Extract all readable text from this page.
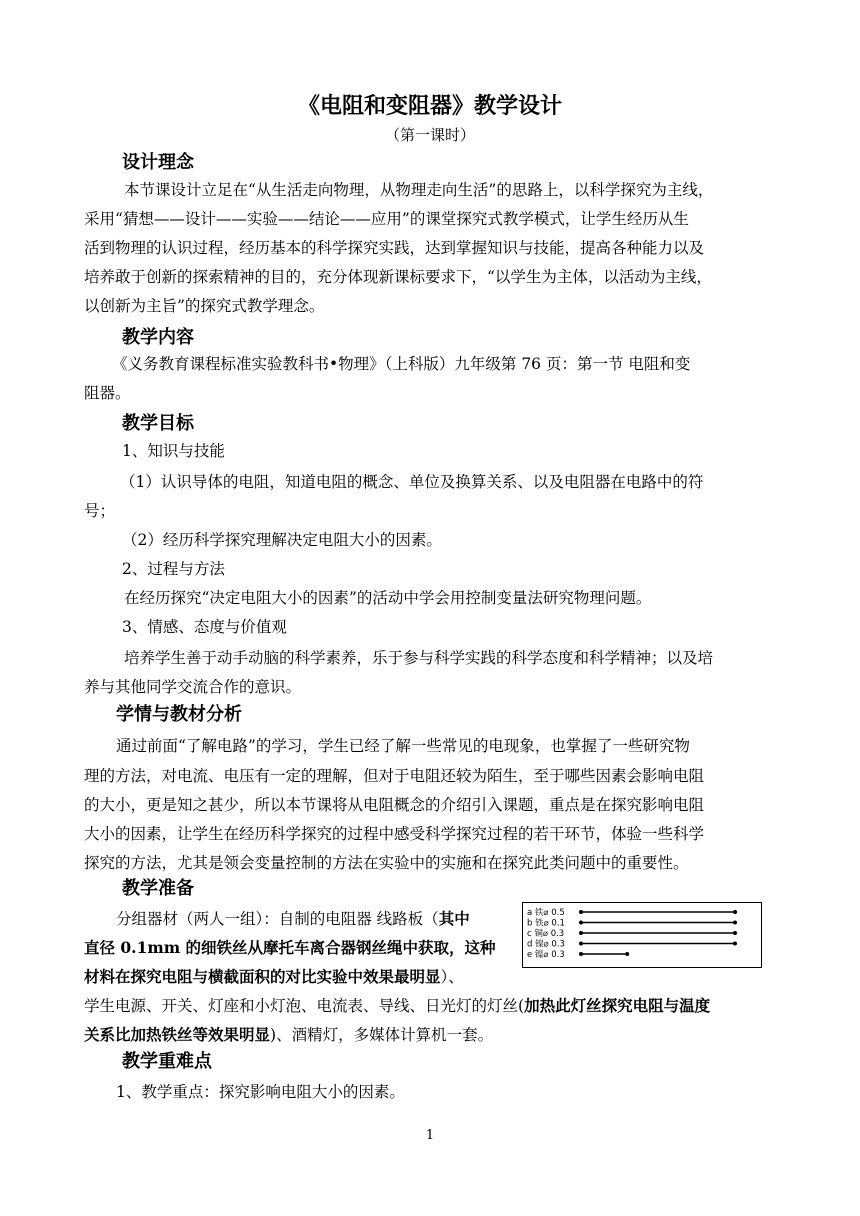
《电阻和变阻器》教学设计
（第一课时）
设计理念
本节课设计立足在“从生活走向物理，从物理走向生活”的思路上，以科学探究为主线，
采用“猜想——设计——实验——结论——应用”的课堂探究式教学模式，让学生经历从生
活到物理的认识过程，经历基本的科学探究实践，达到掌握知识与技能，提高各种能力以及
培养敢于创新的探索精神的目的，充分体现新课标要求下，“以学生为主体，以活动为主线，
以创新为主旨”的探究式教学理念。
教学内容
《义务教育课程标准实验教科书•物理》（上科版）九年级第 76 页：第一节 电阻和变
阻器。
教学目标
1、知识与技能
（1）认识导体的电阻，知道电阻的概念、单位及换算关系、以及电阻器在电路中的符
号；
（2）经历科学探究理解决定电阻大小的因素。
2、过程与方法
在经历探究“决定电阻大小的因素”的活动中学会用控制变量法研究物理问题。
3、情感、态度与价值观
培养学生善于动手动脑的科学素养，乐于参与科学实践的科学态度和科学精神；以及培
养与其他同学交流合作的意识。
学情与教材分析
通过前面“了解电路”的学习，学生已经了解一些常见的电现象，也掌握了一些研究物
理的方法，对电流、电压有一定的理解，但对于电阻还较为陌生，至于哪些因素会影响电阻
的大小，更是知之甚少，所以本节课将从电阻概念的介绍引入课题，重点是在探究影响电阻
大小的因素，让学生在经历科学探究的过程中感受科学探究过程的若干环节，体验一些科学
探究的方法，尤其是领会变量控制的方法在实验中的实施和在探究此类问题中的重要性。
教学准备
分组器材（两人一组）：自制的电阻器 线路板（其中
直径 0.1mm 的细铁丝从摩托车离合器钢丝绳中获取，这种
材料在探究电阻与横截面积的对比实验中效果最明显）、
学生电源、开关、灯座和小灯泡、电流表、导线、日光灯的灯丝(加热此灯丝探究电阻与温度
关系比加热铁丝等效果明显)、酒精灯，多媒体计算机一套。
a 铁⌀ 0.5
b 铁⌀ 0.1
c 铜⌀ 0.3
d 镍⌀ 0.3
e 镍⌀ 0.3
教学重难点
1、教学重点：探究影响电阻大小的因素。
1
